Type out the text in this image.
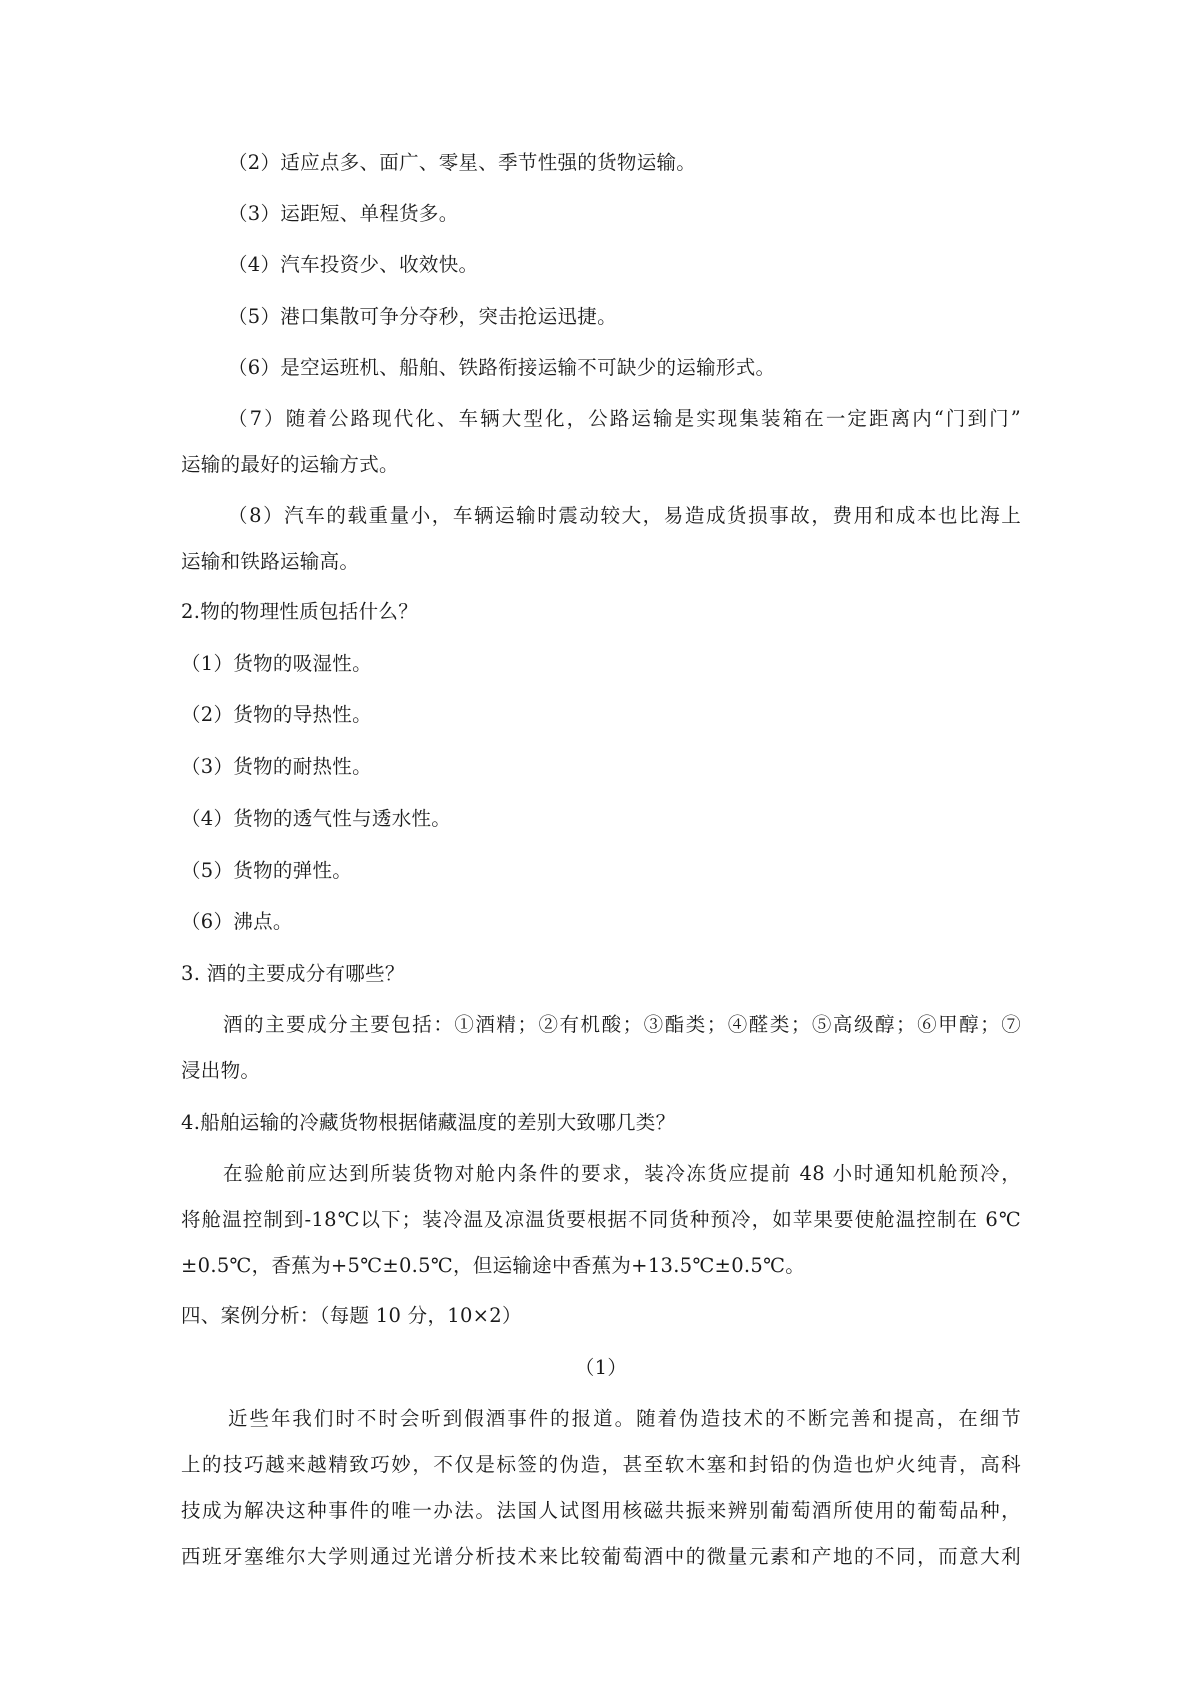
（2）适应点多、面广、零星、季节性强的货物运输。
（3）运距短、单程货多。
（4）汽车投资少、收效快。
（5）港口集散可争分夺秒，突击抢运迅捷。
（6）是空运班机、船舶、铁路衔接运输不可缺少的运输形式。
（7）随着公路现代化、车辆大型化，公路运输是实现集装箱在一定距离内“门到门”
运输的最好的运输方式。
（8）汽车的载重量小，车辆运输时震动较大，易造成货损事故，费用和成本也比海上
运输和铁路运输高。
2.物的物理性质包括什么？
（1）货物的吸湿性。
（2）货物的导热性。
（3）货物的耐热性。
（4）货物的透气性与透水性。
（5）货物的弹性。
（6）沸点。
3. 酒的主要成分有哪些？
酒的主要成分主要包括：①酒精；②有机酸；③酯类；④醛类；⑤高级醇；⑥甲醇；⑦
浸出物。
4.船舶运输的冷藏货物根据储藏温度的差别大致哪几类？
在验舱前应达到所装货物对舱内条件的要求，装冷冻货应提前 48 小时通知机舱预冷，
将舱温控制到-18℃以下；装冷温及凉温货要根据不同货种预冷，如苹果要使舱温控制在 6℃
±0.5℃，香蕉为+5℃±0.5℃，但运输途中香蕉为+13.5℃±0.5℃。
四、案例分析：（每题 10 分，10×2）
（1）
近些年我们时不时会听到假酒事件的报道。随着伪造技术的不断完善和提高，在细节
上的技巧越来越精致巧妙，不仅是标签的伪造，甚至软木塞和封铅的伪造也炉火纯青，高科
技成为解决这种事件的唯一办法。法国人试图用核磁共振来辨别葡萄酒所使用的葡萄品种，
西班牙塞维尔大学则通过光谱分析技术来比较葡萄酒中的微量元素和产地的不同，而意大利
